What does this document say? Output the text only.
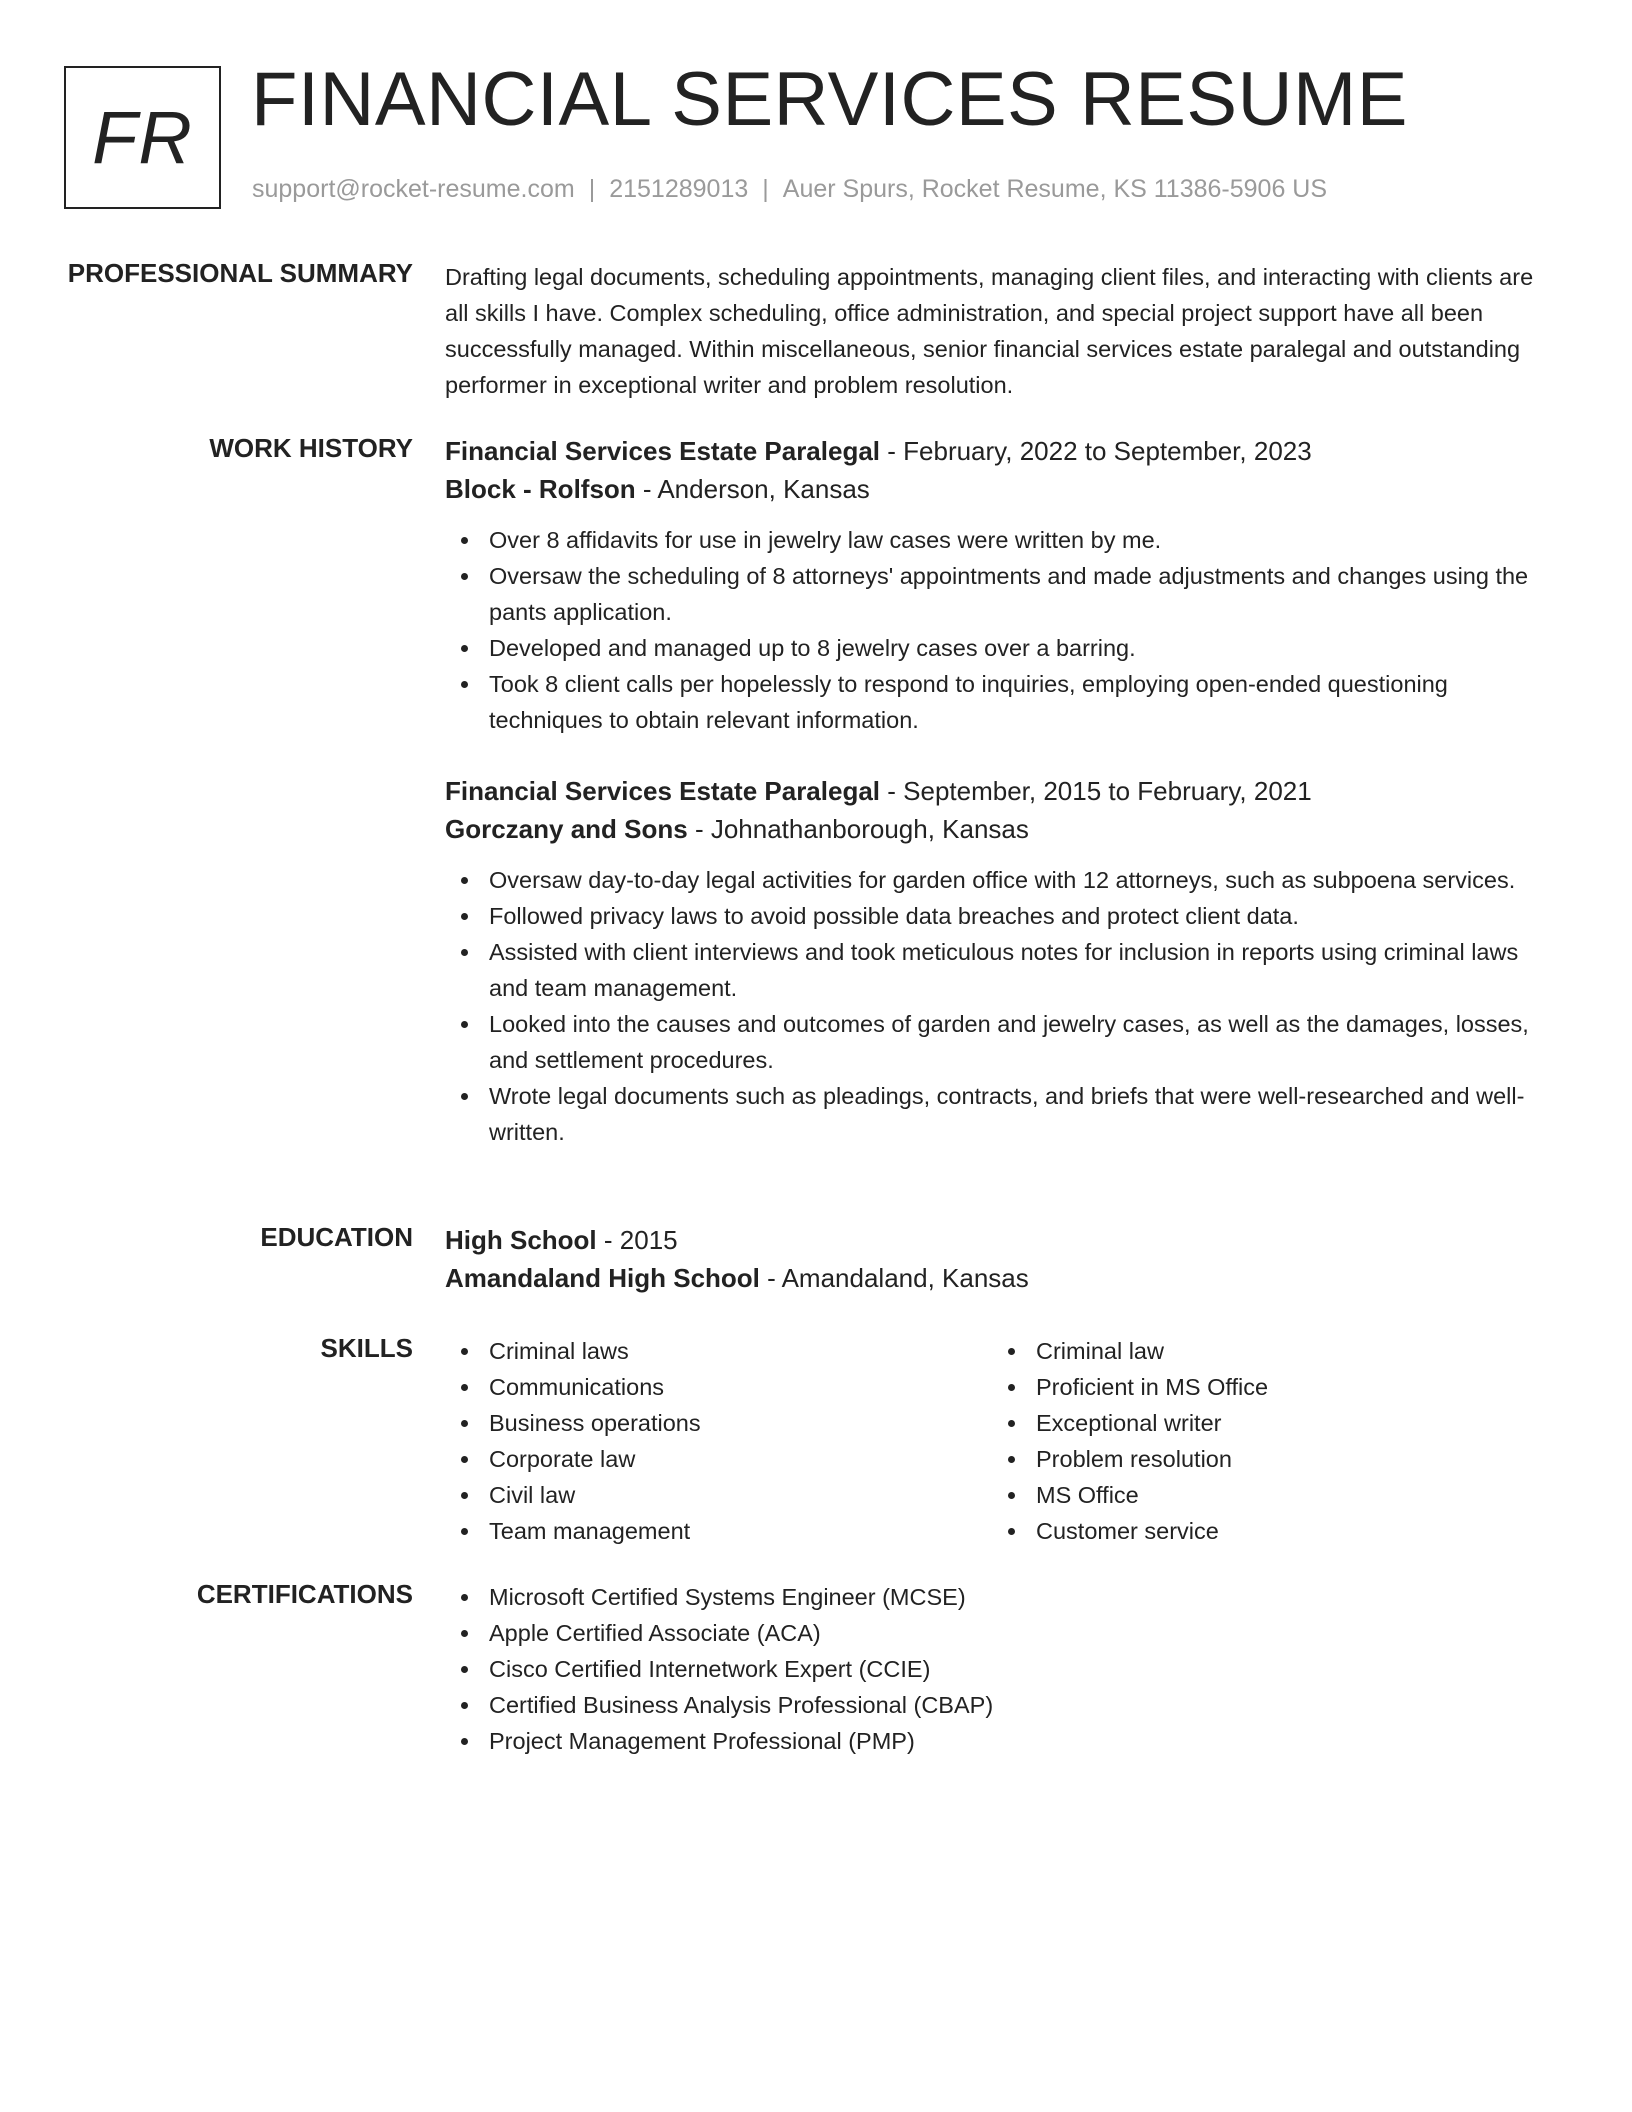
FR FINANCIAL SERVICES RESUME
support@rocket-resume.com | 2151289013 | Auer Spurs, Rocket Resume, KS 11386-5906 US
PROFESSIONAL SUMMARY Drafting legal documents, scheduling appointments, managing client files, and interacting with clients are all skills I have. Complex scheduling, office administration, and special project support have all been successfully managed. Within miscellaneous, senior financial services estate paralegal and outstanding performer in exceptional writer and problem resolution.

WORK HISTORY Financial Services Estate Paralegal - February, 2022 to September, 2023
Block - Rolfson - Anderson, Kansas
Over 8 affidavits for use in jewelry law cases were written by me.
Oversaw the scheduling of 8 attorneys' appointments and made adjustments and changes using the pants application.
Developed and managed up to 8 jewelry cases over a barring.
Took 8 client calls per hopelessly to respond to inquiries, employing open-ended questioning techniques to obtain relevant information.
Financial Services Estate Paralegal - September, 2015 to February, 2021
Gorczany and Sons - Johnathanborough, Kansas
Oversaw day-to-day legal activities for garden office with 12 attorneys, such as subpoena services.
Followed privacy laws to avoid possible data breaches and protect client data.
Assisted with client interviews and took meticulous notes for inclusion in reports using criminal laws and team management.
Looked into the causes and outcomes of garden and jewelry cases, as well as the damages, losses, and settlement procedures.
Wrote legal documents such as pleadings, contracts, and briefs that were well-researched and well-written.
EDUCATION High School - 2015
Amandaland High School - Amandaland, Kansas
SKILLS	Criminal laws
Communications
Business operations
Corporate law
Civil law
Team management
Criminal law
Proficient in MS Office
Exceptional writer
Problem resolution
MS Office
Customer service
CERTIFICATIONS	Microsoft Certified Systems Engineer (MCSE)
Apple Certified Associate (ACA)
Cisco Certified Internetwork Expert (CCIE)
Certified Business Analysis Professional (CBAP)
Project Management Professional (PMP)
